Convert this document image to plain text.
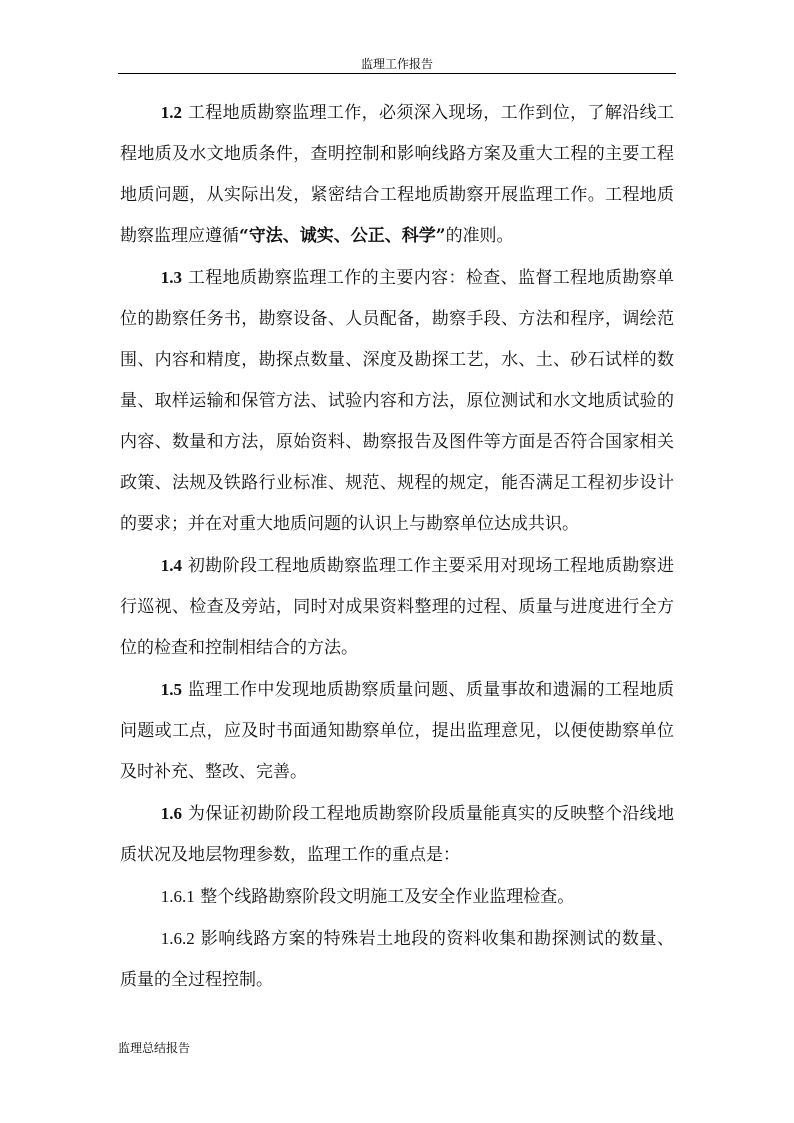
监理工作报告

1.2 工程地质勘察监理工作，必须深入现场，工作到位，了解沿线工程地质及水文地质条件，查明控制和影响线路方案及重大工程的主要工程地质问题，从实际出发，紧密结合工程地质勘察开展监理工作。工程地质勘察监理应遵循“守法、诚实、公正、科学”的准则。

1.3 工程地质勘察监理工作的主要内容：检查、监督工程地质勘察单位的勘察任务书，勘察设备、人员配备，勘察手段、方法和程序，调绘范围、内容和精度，勘探点数量、深度及勘探工艺，水、土、砂石试样的数量、取样运输和保管方法、试验内容和方法，原位测试和水文地质试验的内容、数量和方法，原始资料、勘察报告及图件等方面是否符合国家相关政策、法规及铁路行业标准、规范、规程的规定，能否满足工程初步设计的要求；并在对重大地质问题的认识上与勘察单位达成共识。

1.4 初勘阶段工程地质勘察监理工作主要采用对现场工程地质勘察进行巡视、检查及旁站，同时对成果资料整理的过程、质量与进度进行全方位的检查和控制相结合的方法。

1.5 监理工作中发现地质勘察质量问题、质量事故和遗漏的工程地质问题或工点，应及时书面通知勘察单位，提出监理意见，以便使勘察单位及时补充、整改、完善。

1.6 为保证初勘阶段工程地质勘察阶段质量能真实的反映整个沿线地质状况及地层物理参数，监理工作的重点是：

1.6.1 整个线路勘察阶段文明施工及安全作业监理检查。

1.6.2 影响线路方案的特殊岩土地段的资料收集和勘探测试的数量、质量的全过程控制。

监理总结报告
